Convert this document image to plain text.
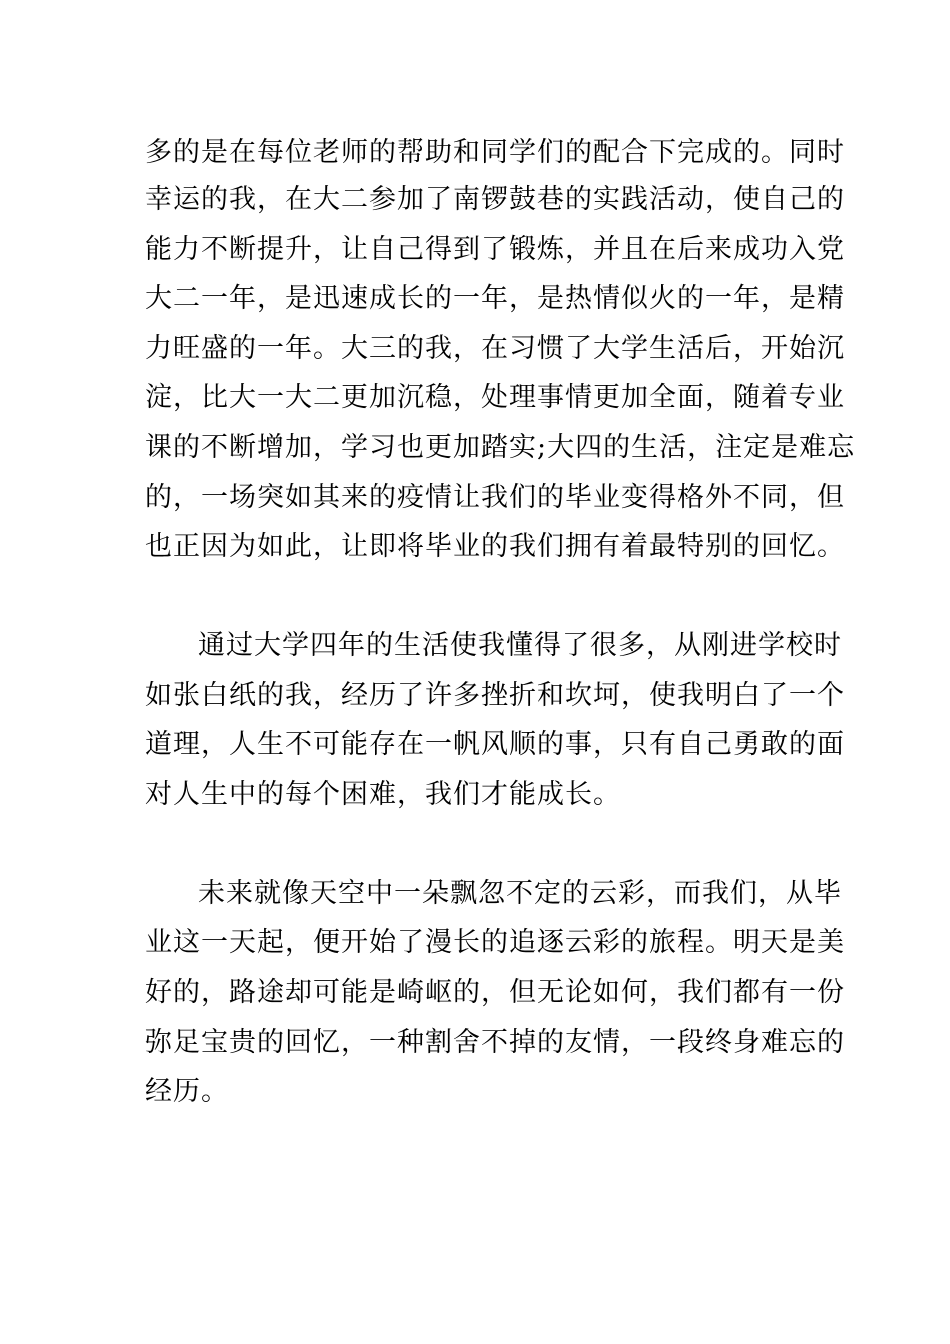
多的是在每位老师的帮助和同学们的配合下完成的。同时
幸运的我，在大二参加了南锣鼓巷的实践活动，使自己的
能力不断提升，让自己得到了锻炼，并且在后来成功入党
大二一年，是迅速成长的一年，是热情似火的一年，是精
力旺盛的一年。大三的我，在习惯了大学生活后，开始沉
淀，比大一大二更加沉稳，处理事情更加全面，随着专业
课的不断增加，学习也更加踏实;大四的生活，注定是难忘
的，一场突如其来的疫情让我们的毕业变得格外不同，但
也正因为如此，让即将毕业的我们拥有着最特别的回忆。
通过大学四年的生活使我懂得了很多，从刚进学校时
如张白纸的我，经历了许多挫折和坎坷，使我明白了一个
道理，人生不可能存在一帆风顺的事，只有自己勇敢的面
对人生中的每个困难，我们才能成长。
未来就像天空中一朵飘忽不定的云彩，而我们，从毕
业这一天起，便开始了漫长的追逐云彩的旅程。明天是美
好的，路途却可能是崎岖的，但无论如何，我们都有一份
弥足宝贵的回忆，一种割舍不掉的友情，一段终身难忘的
经历。
